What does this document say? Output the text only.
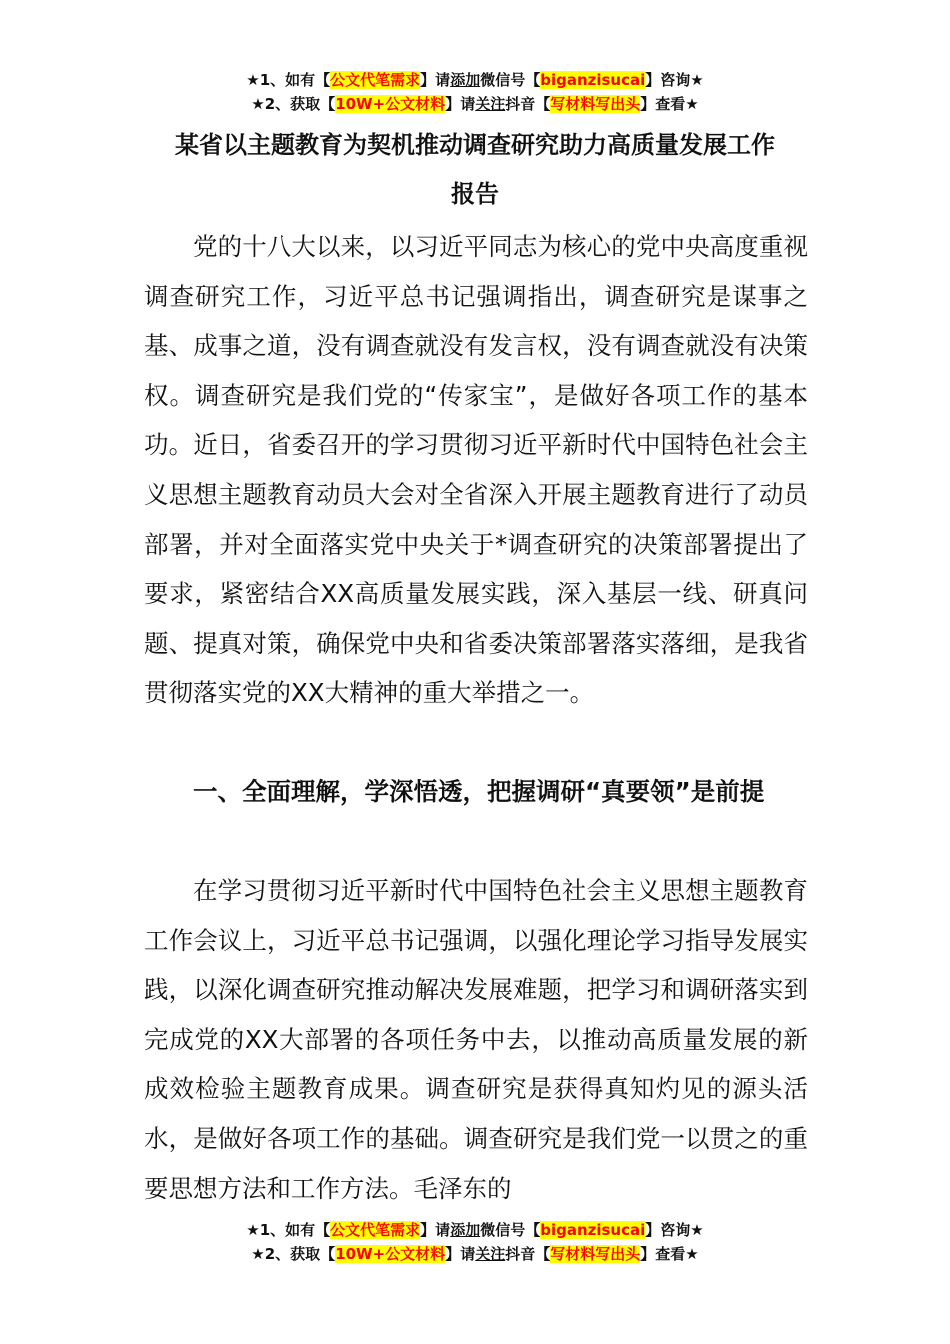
★1、如有【公文代笔需求】请添加微信号【biganzisucai】咨询★
★2、获取【10W+公文材料】请关注抖音【写材料写出头】查看★
某省以主题教育为契机推动调查研究助力高质量发展工作
报告
党的十八大以来，以习近平同志为核心的党中央高度重视调查研究工作，习近平总书记强调指出，调查研究是谋事之基、成事之道，没有调查就没有发言权，没有调查就没有决策权。调查研究是我们党的“传家宝”，是做好各项工作的基本功。近日，省委召开的学习贯彻习近平新时代中国特色社会主义思想主题教育动员大会对全省深入开展主题教育进行了动员部署，并对全面落实党中央关于*调查研究的决策部署提出了要求，紧密结合XX高质量发展实践，深入基层一线、研真问题、提真对策，确保党中央和省委决策部署落实落细，是我省贯彻落实党的XX大精神的重大举措之一。
一、全面理解，学深悟透，把握调研“真要领”是前提
在学习贯彻习近平新时代中国特色社会主义思想主题教育工作会议上，习近平总书记强调，以强化理论学习指导发展实践，以深化调查研究推动解决发展难题，把学习和调研落实到完成党的XX大部署的各项任务中去，以推动高质量发展的新成效检验主题教育成果。调查研究是获得真知灼见的源头活水，是做好各项工作的基础。调查研究是我们党一以贯之的重要思想方法和工作方法。毛泽东的
★1、如有【公文代笔需求】请添加微信号【biganzisucai】咨询★
★2、获取【10W+公文材料】请关注抖音【写材料写出头】查看★
